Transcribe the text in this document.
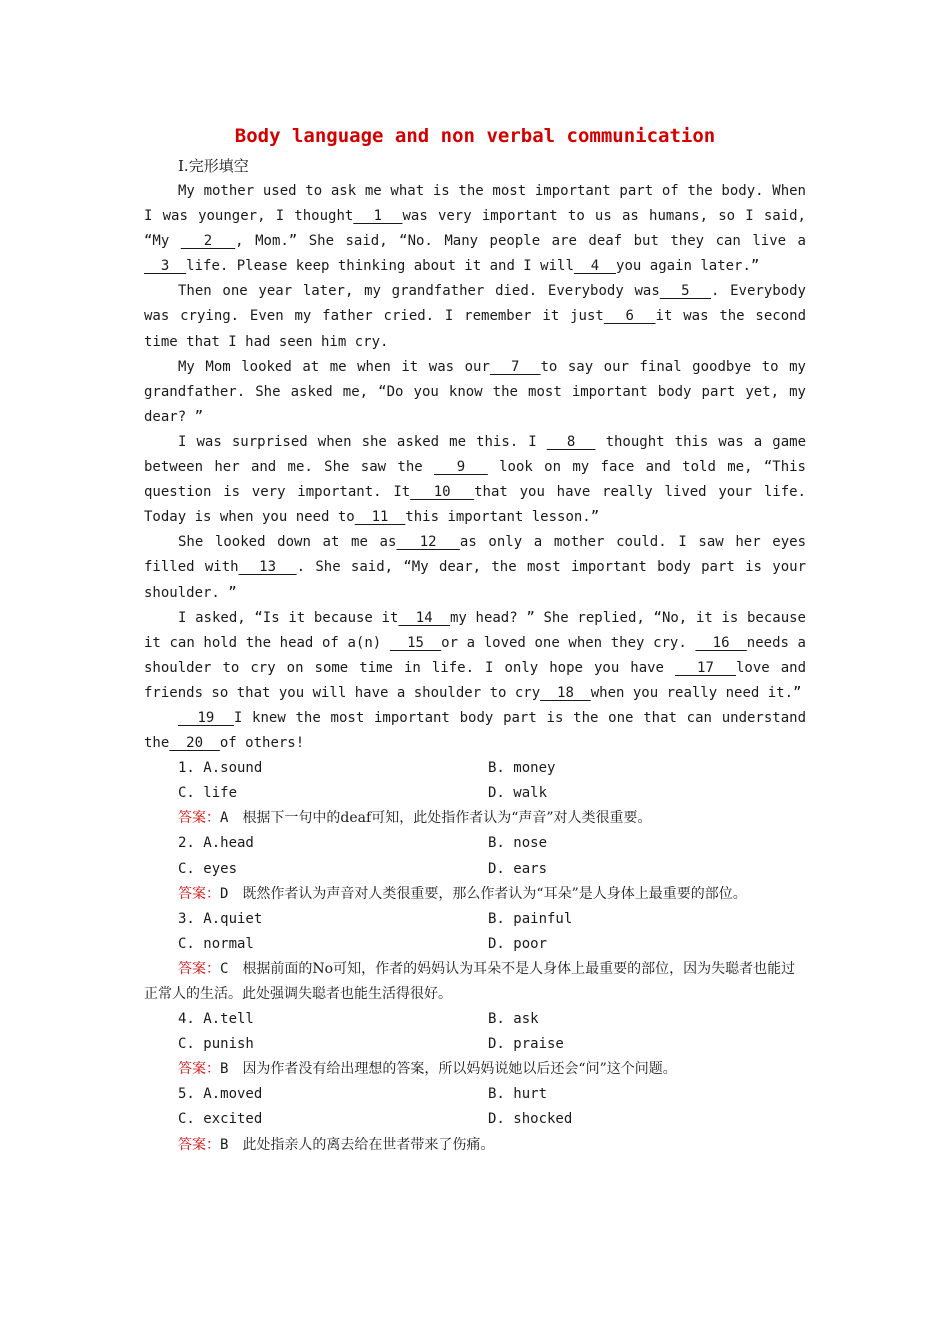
Body language and non verbal communication
Ⅰ.完形填空

My mother used to ask me what is the most important part of the body. When I was younger, I thought  1  was very important to us as humans, so I said, “My   2  , Mom.” She said, “No. Many people are deaf but they can live a  3  life. Please keep thinking about it and I will  4  you again later.”

Then one year later, my grandfather died. Everybody was  5  . Everybody was crying. Even my father cried. I remember it just  6  it was the second time that I had seen him cry.

My Mom looked at me when it was our  7  to say our final goodbye to my grandfather. She asked me, “Do you know the most important body part yet, my dear? ”

I was surprised when she asked me this. I   8   thought this was a game between her and me. She saw the   9   look on my face and told me, “This question is very important. It  10  that you have really lived your life. Today is when you need to  11  this important lesson.”

She looked down at me as  12  as only a mother could. I saw her eyes filled with  13  . She said, “My dear, the most important body part is your shoulder. ”

I asked, “Is it because it  14  my head? ” She replied, “No, it is because it can hold the head of a(n)   15  or a loved one when they cry.   16  needs a shoulder to cry on some time in life. I only hope you have   17  love and friends so that you will have a shoulder to cry  18  when you really need it.”

19  I knew the most important body part is the one that can understand the  20  of others!

1. A.sound	B. money
C. life	D. walk

答案：A　 根据下一句中的deaf可知，此处指作者认为“声音”对人类很重要。

2. A.head	B. nose
C. eyes	D. ears

答案：D　 既然作者认为声音对人类很重要，那么作者认为“耳朵”是人身体上最重要的部位。

3. A.quiet	B. painful
C. normal	D. poor

答案：C　 根据前面的No可知，作者的妈妈认为耳朵不是人身体上最重要的部位，因为失聪者也能过正常人的生活。此处强调失聪者也能生活得很好。

4. A.tell	B. ask
C. punish	D. praise

答案：B　 因为作者没有给出理想的答案，所以妈妈说她以后还会“问”这个问题。

5. A.moved	B. hurt
C. excited	D. shocked

答案：B　 此处指亲人的离去给在世者带来了伤痛。
